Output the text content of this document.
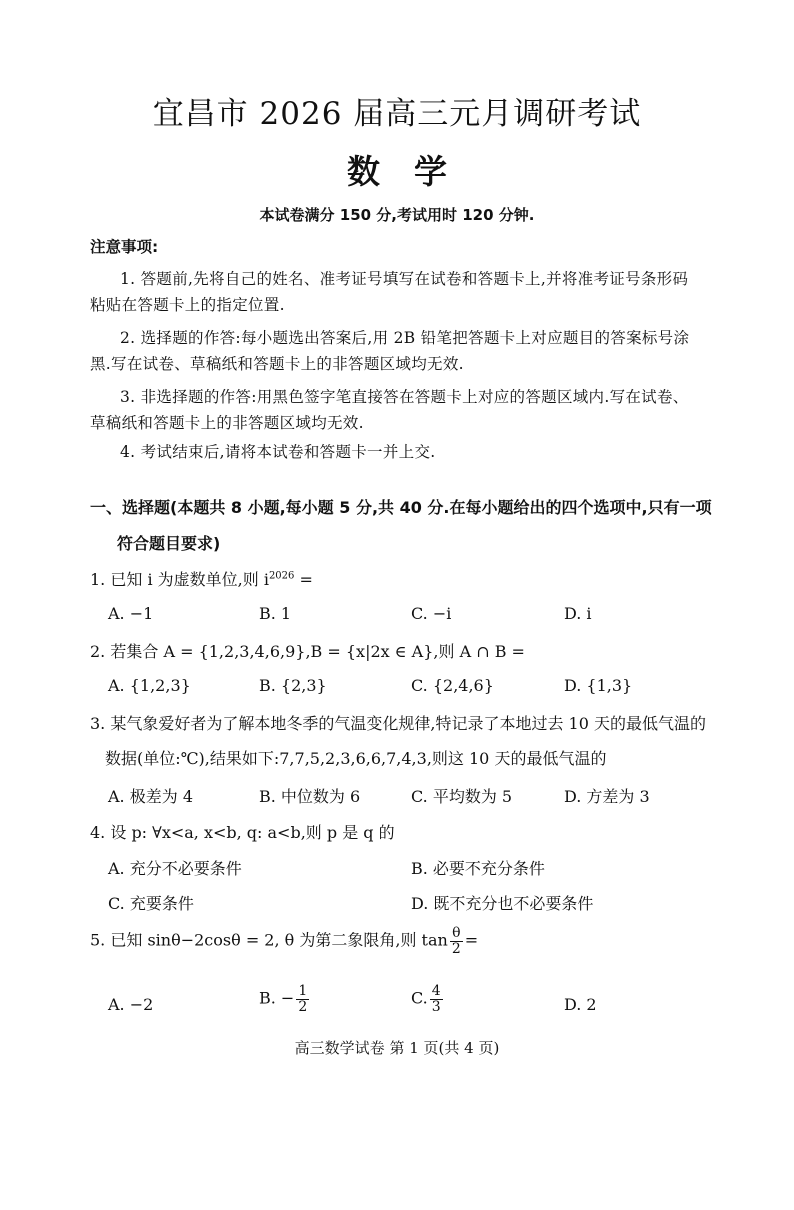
宜昌市 2026 届高三元月调研考试
数学
本试卷满分 150 分,考试用时 120 分钟.
注意事项:
1. 答题前,先将自己的姓名、准考证号填写在试卷和答题卡上,并将准考证号条形码
粘贴在答题卡上的指定位置.
2. 选择题的作答:每小题选出答案后,用 2B 铅笔把答题卡上对应题目的答案标号涂
黑.写在试卷、草稿纸和答题卡上的非答题区域均无效.
3. 非选择题的作答:用黑色签字笔直接答在答题卡上对应的答题区域内.写在试卷、
草稿纸和答题卡上的非答题区域均无效.
4. 考试结束后,请将本试卷和答题卡一并上交.
一、选择题(本题共 8 小题,每小题 5 分,共 40 分.在每小题给出的四个选项中,只有一项
符合题目要求)
1. 已知 i 为虚数单位,则 $i^{2026}$ =
A. −1	B. 1	C. −i	D. i
2. 若集合 A = {1,2,3,4,6,9},B = {x|2x ∈ A},则 A ∩ B =
A. {1,2,3}	B. {2,3}	C. {2,4,6}	D. {1,3}
3. 某气象爱好者为了解本地冬季的气温变化规律,特记录了本地过去 10 天的最低气温的
数据(单位:℃),结果如下:7,7,5,2,3,6,6,7,4,3,则这 10 天的最低气温的
A. 极差为 4	B. 中位数为 6	C. 平均数为 5	D. 方差为 3
4. 设 p: ∀x<a, x<b, q: a<b,则 p 是 q 的
A. 充分不必要条件	B. 必要不充分条件
C. 充要条件	D. 既不充分也不必要条件
5. 已知 sinθ−2cosθ = 2, θ 为第二象限角,则 $\tan \frac{\theta}{2}$ =
A. −2	B. − $\frac{1}{2}$	C. $\frac{4}{3}$	D. 2
高三数学试卷 第 1 页(共 4 页)
